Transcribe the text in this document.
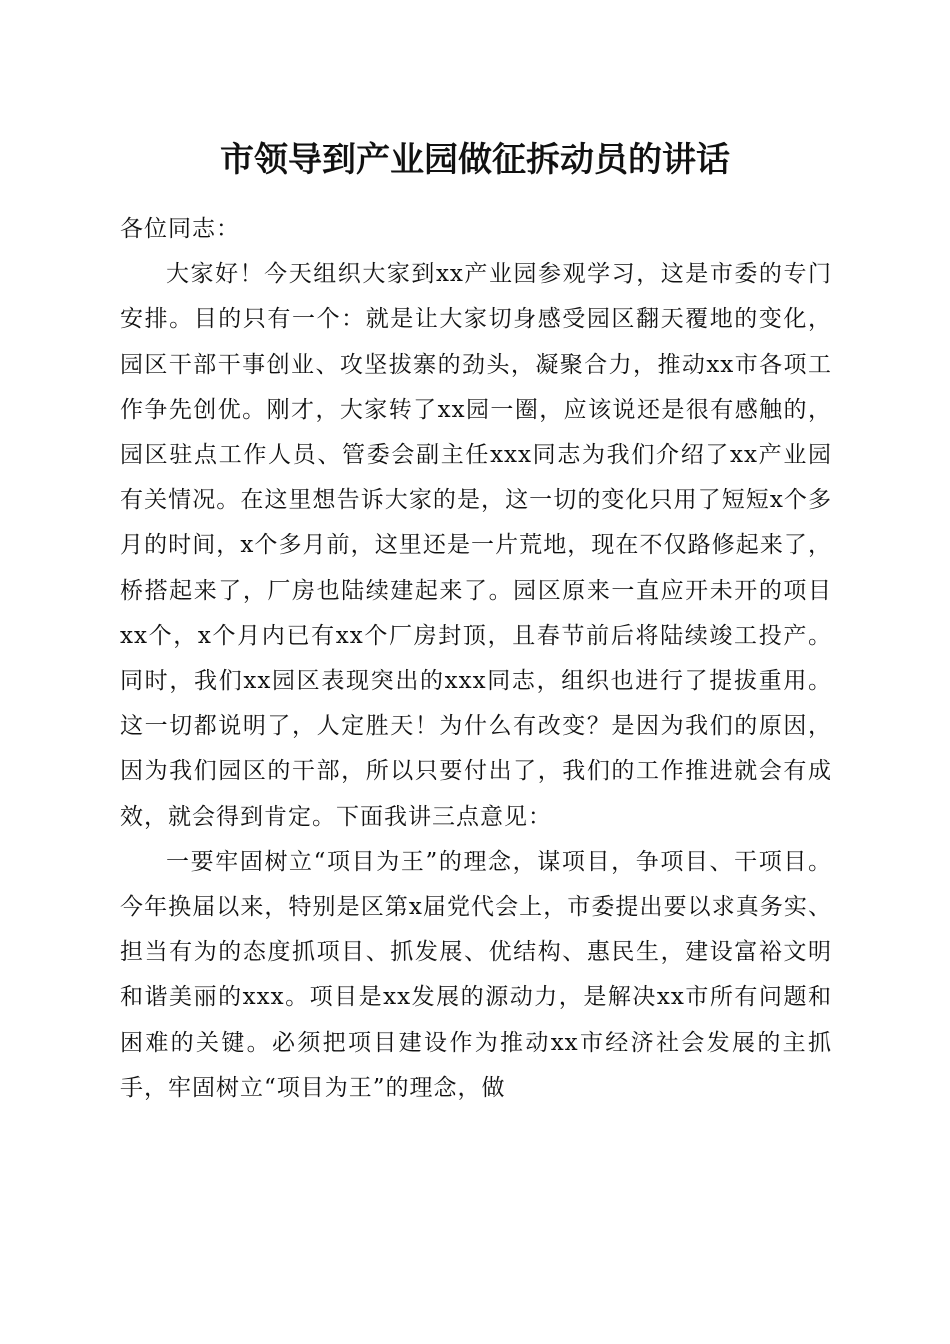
市领导到产业园做征拆动员的讲话

各位同志：

大家好！今天组织大家到xx产业园参观学习，这是市委的专门安排。目的只有一个：就是让大家切身感受园区翻天覆地的变化，园区干部干事创业、攻坚拔寨的劲头，凝聚合力，推动xx市各项工作争先创优。刚才，大家转了xx园一圈，应该说还是很有感触的，园区驻点工作人员、管委会副主任xxx同志为我们介绍了xx产业园有关情况。在这里想告诉大家的是，这一切的变化只用了短短x个多月的时间，x个多月前，这里还是一片荒地，现在不仅路修起来了，桥搭起来了，厂房也陆续建起来了。园区原来一直应开未开的项目xx个，x个月内已有xx个厂房封顶，且春节前后将陆续竣工投产。同时，我们xx园区表现突出的xxx同志，组织也进行了提拔重用。这一切都说明了，人定胜天！为什么有改变？是因为我们的原因，因为我们园区的干部，所以只要付出了，我们的工作推进就会有成效，就会得到肯定。下面我讲三点意见：

一要牢固树立“项目为王”的理念，谋项目，争项目、干项目。今年换届以来，特别是区第x届党代会上，市委提出要以求真务实、担当有为的态度抓项目、抓发展、优结构、惠民生，建设富裕文明和谐美丽的xxx。项目是xx发展的源动力，是解决xx市所有问题和困难的关键。必须把项目建设作为推动xx市经济社会发展的主抓手，牢固树立“项目为王”的理念，做
